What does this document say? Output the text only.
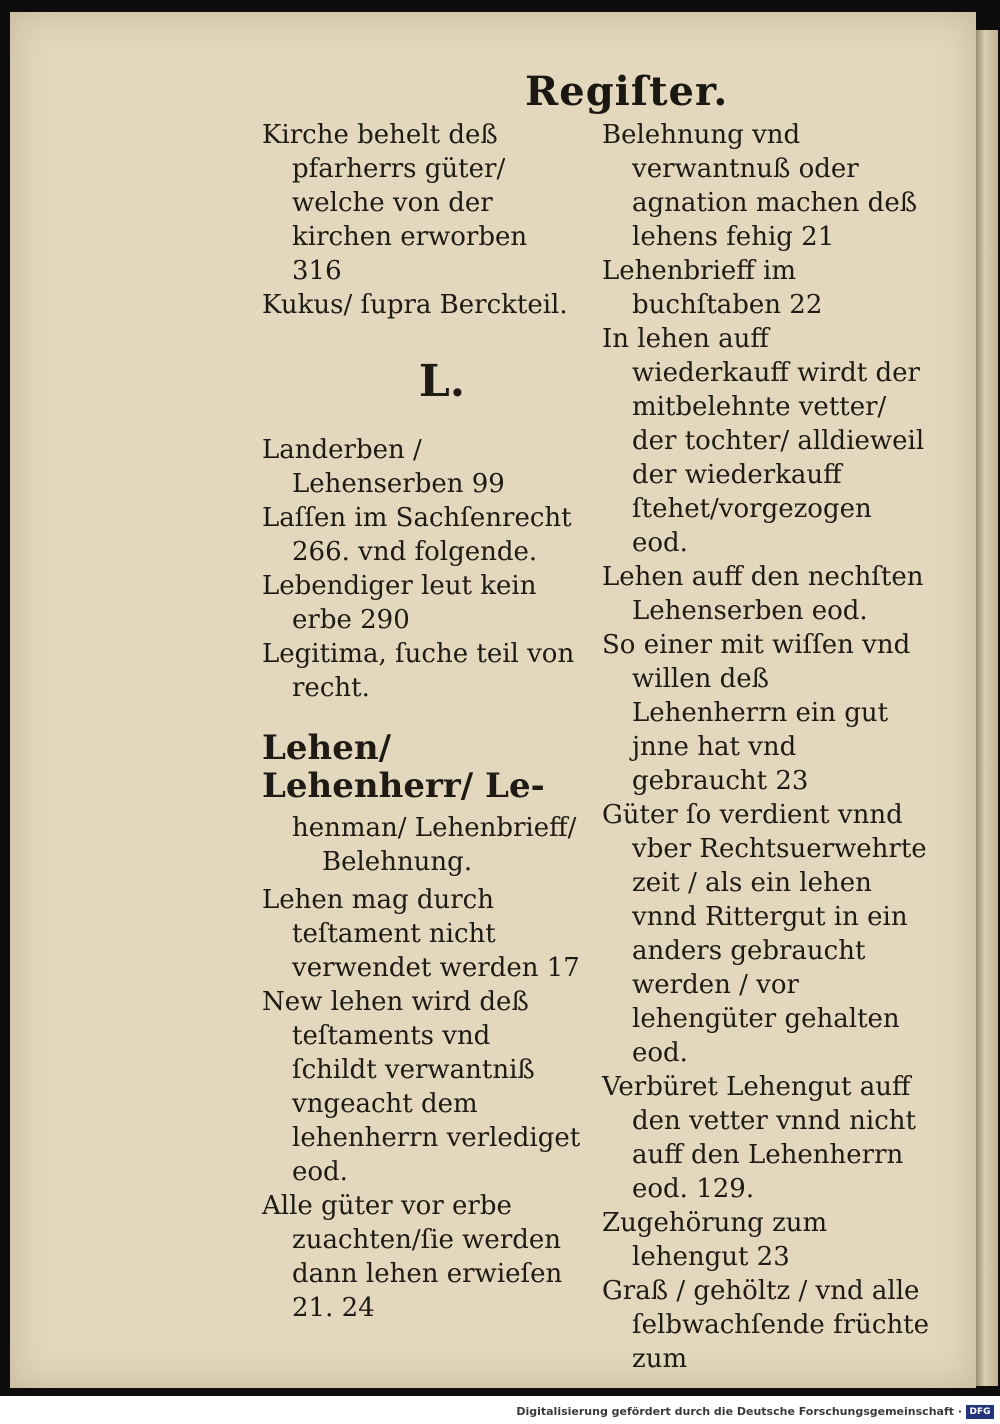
Regiſter.

Kirche behelt deß pfarherrs güter/ welche von der kirchen erworben 316

Kukus/ ſupra Berckteil.

L.

Landerben / Lehenserben 99

Laſſen im Sachſenrecht 266. vnd folgende.

Lebendiger leut kein erbe 290

Legitima, ſuche teil von recht.

Lehen/ Lehenherr/ Le-
henman/ Lehenbrieff/
Belehnung.

Lehen mag durch teſtament nicht verwendet werden 17

New lehen wird deß teſtaments vnd ſchildt verwantniß vngeacht dem lehenherrn verlediget eod.

Alle güter vor erbe zuachten/ſie werden dann lehen erwieſen 21. 24

Belehnung vnd verwantnuß oder agnation machen deß lehens fehig 21

Lehenbrieff im buchſtaben 22

In lehen auff wiederkauff wirdt der mitbelehnte vetter/ der tochter/ alldieweil der wiederkauff ſtehet/vorgezogen eod.

Lehen auff den nechſten Lehenserben eod.

So einer mit wiſſen vnd willen deß Lehenherrn ein gut jnne hat vnd gebraucht 23

Güter ſo verdient vnnd vber Rechtsuerwehrte zeit / als ein lehen vnnd Rittergut in ein anders gebraucht werden / vor lehengüter gehalten eod.

Verbüret Lehengut auff den vetter vnnd nicht auff den Lehenherrn eod. 129.

Zugehörung zum lehengut 23

Graß / gehöltz / vnd alle ſelbwachſende früchte zum

Digitalisierung gefördert durch die Deutsche Forschungsgemeinschaft · DFG
